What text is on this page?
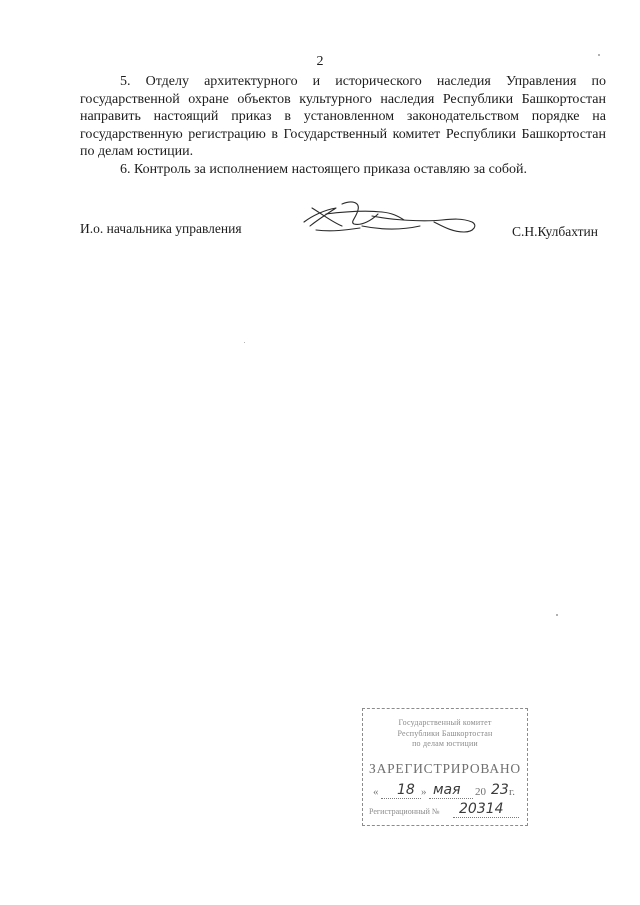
2

5. Отделу архитектурного и исторического наследия Управления по государственной охране объектов культурного наследия Республики Башкортостан направить настоящий приказ в установленном законодательством порядке на государственную регистрацию в Государственный комитет Республики Башкортостан по делам юстиции.

6. Контроль за исполнением настоящего приказа оставляю за собой.

И.о. начальника управления	С.Н.Кулбахтин
Государственный комитет
Республики Башкортостан
по делам юстиции
ЗАРЕГИСТРИРОВАНО
« 18 » мая 20 23 г.
Регистрационный № 20314
